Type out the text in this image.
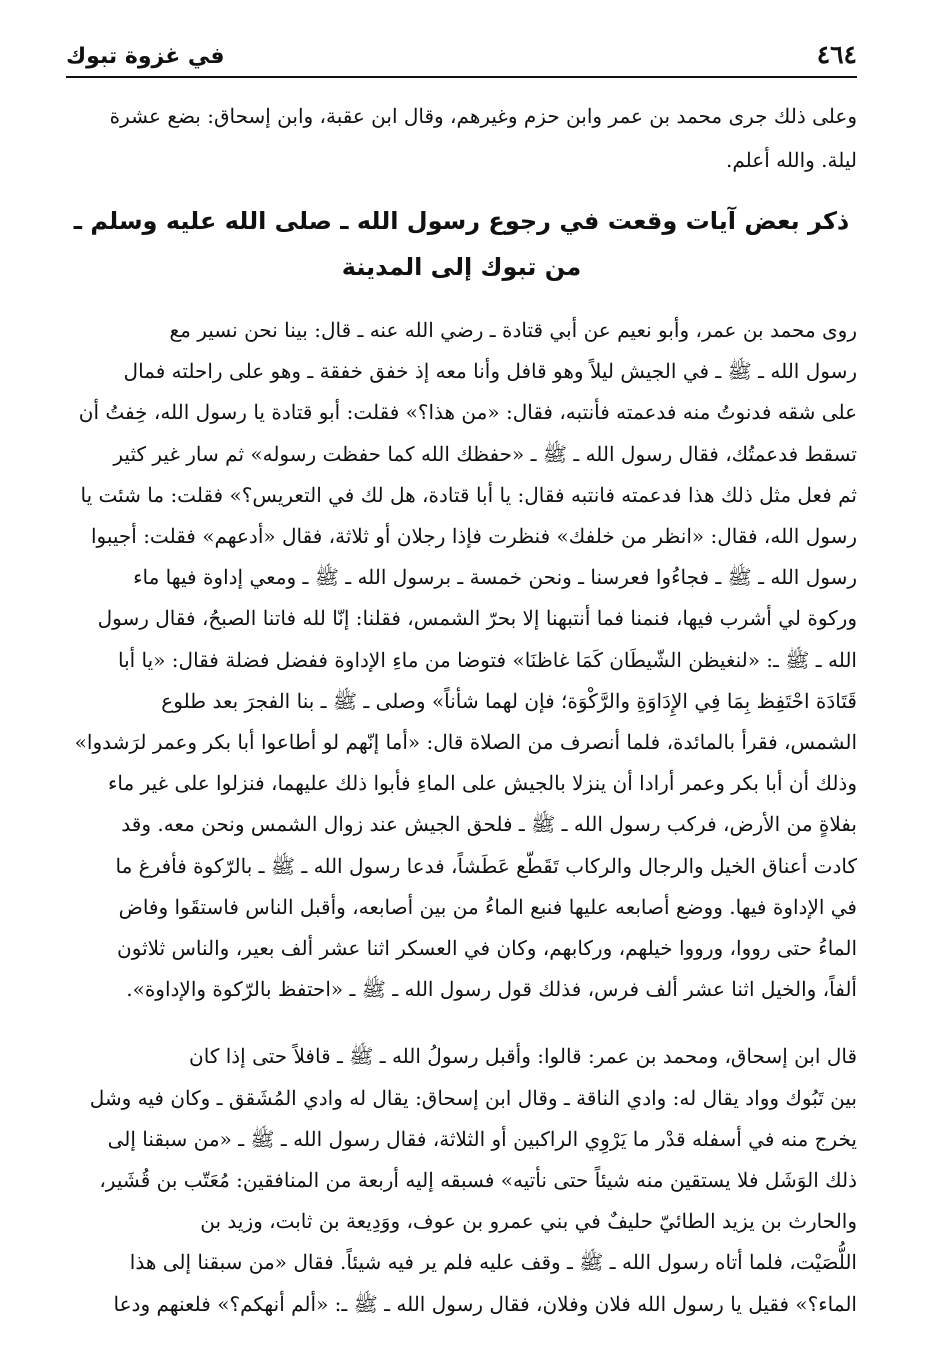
٤٦٤
في غزوة تبوك

وعلى ذلك جرى محمد بن عمر وابن حزم وغيرهم، وقال ابن عقبة، وابن إسحاق: بضع عشرة
ليلة. والله أعلم.

ذكر بعض آيات وقعت في رجوع رسول الله ـ صلى الله عليه وسلم ـ
من تبوك إلى المدينة

روى محمد بن عمر، وأبو نعيم عن أبي قتادة ـ رضي الله عنه ـ قال: بينا نحن نسير مع
رسول الله ـ ﷺ ـ في الجيش ليلاً وهو قافل وأنا معه إذ خفق خفقة ـ وهو على راحلته فمال
على شقه فدنوتُ منه فدعمته فأنتبه، فقال: «من هذا؟» فقلت: أبو قتادة يا رسول الله، خِفتُ أن
تسقط فدعمتُك، فقال رسول الله ـ ﷺ ـ «حفظك الله كما حفظت رسوله» ثم سار غير كثير
ثم فعل مثل ذلك هذا فدعمته فانتبه فقال: يا أبا قتادة، هل لك في التعريس؟» فقلت: ما شئت يا
رسول الله، فقال: «انظر من خلفك» فنظرت فإذا رجلان أو ثلاثة، فقال «أدعهم» فقلت: أجيبوا
رسول الله ـ ﷺ ـ فجاءُوا فعرسنا ـ ونحن خمسة ـ برسول الله ـ ﷺ ـ ومعي إداوة فيها ماء
وركوة لي أشرب فيها، فنمنا فما أنتبهنا إلا بحرّ الشمس، فقلنا: إنّا لله فاتنا الصبحُ، فقال رسول
الله ـ ﷺ ـ: «لنغيظن الشّيطَان كَمَا غاظنَا» فتوضا من ماءِ الإداوة ففضل فضلة فقال: «يا أبا
قَتَادَة احْتَفِظ بِمَا فِي الإِدَاوَةِ والرَّكْوَة؛ فإن لهما شأناً» وصلى ـ ﷺ ـ بنا الفجرَ بعد طلوع
الشمس، فقرأ بالمائدة، فلما أنصرف من الصلاة قال: «أما إنّهم لو أطاعوا أبا بكر وعمر لرَشدوا»
وذلك أن أبا بكر وعمر أرادا أن ينزلا بالجيش على الماءِ فأبوا ذلك عليهما، فنزلوا على غير ماء
بفلاةٍ من الأرض، فركب رسول الله ـ ﷺ ـ فلحق الجيش عند زوال الشمس ونحن معه. وقد
كادت أعناق الخيل والرجال والركاب تَقَطّع عَطَشاً، فدعا رسول الله ـ ﷺ ـ بالرّكوة فأفرغ ما
في الإداوة فيها. ووضع أصابعه عليها فنبع الماءُ من بين أصابعه، وأقبل الناس فاستقَوا وفاض
الماءُ حتى رووا، ورووا خيلهم، وركابهم، وكان في العسكر اثنا عشر ألف بعير، والناس ثلاثون
ألفاً، والخيل اثنا عشر ألف فرس، فذلك قول رسول الله ـ ﷺ ـ «احتفظ بالرّكوة والإداوة».

قال ابن إسحاق، ومحمد بن عمر: قالوا: وأقبل رسولُ الله ـ ﷺ ـ قافلاً حتى إذا كان
بين تَبُوك وواد يقال له: وادي الناقة ـ وقال ابن إسحاق: يقال له وادي المُشَقق ـ وكان فيه وشل
يخرج منه في أسفله قدْر ما يَرْوِي الراكبين أو الثلاثة، فقال رسول الله ـ ﷺ ـ «من سبقنا إلى
ذلك الوَشَل فلا يستقين منه شيئاً حتى نأتيه» فسبقه إليه أربعة من المنافقين: مُعَتّب بن قُشَير،
والحارث بن يزيد الطائيّ حليفٌ في بني عمرو بن عوف، ووَدِيعة بن ثابت، وزيد بن
اللُّصَيْت، فلما أتاه رسول الله ـ ﷺ ـ وقف عليه فلم ير فيه شيئاً. فقال «من سبقنا إلى هذا
الماء؟» فقيل يا رسول الله فلان وفلان، فقال رسول الله ـ ﷺ ـ: «ألم أنهكم؟» فلعنهم ودعا
